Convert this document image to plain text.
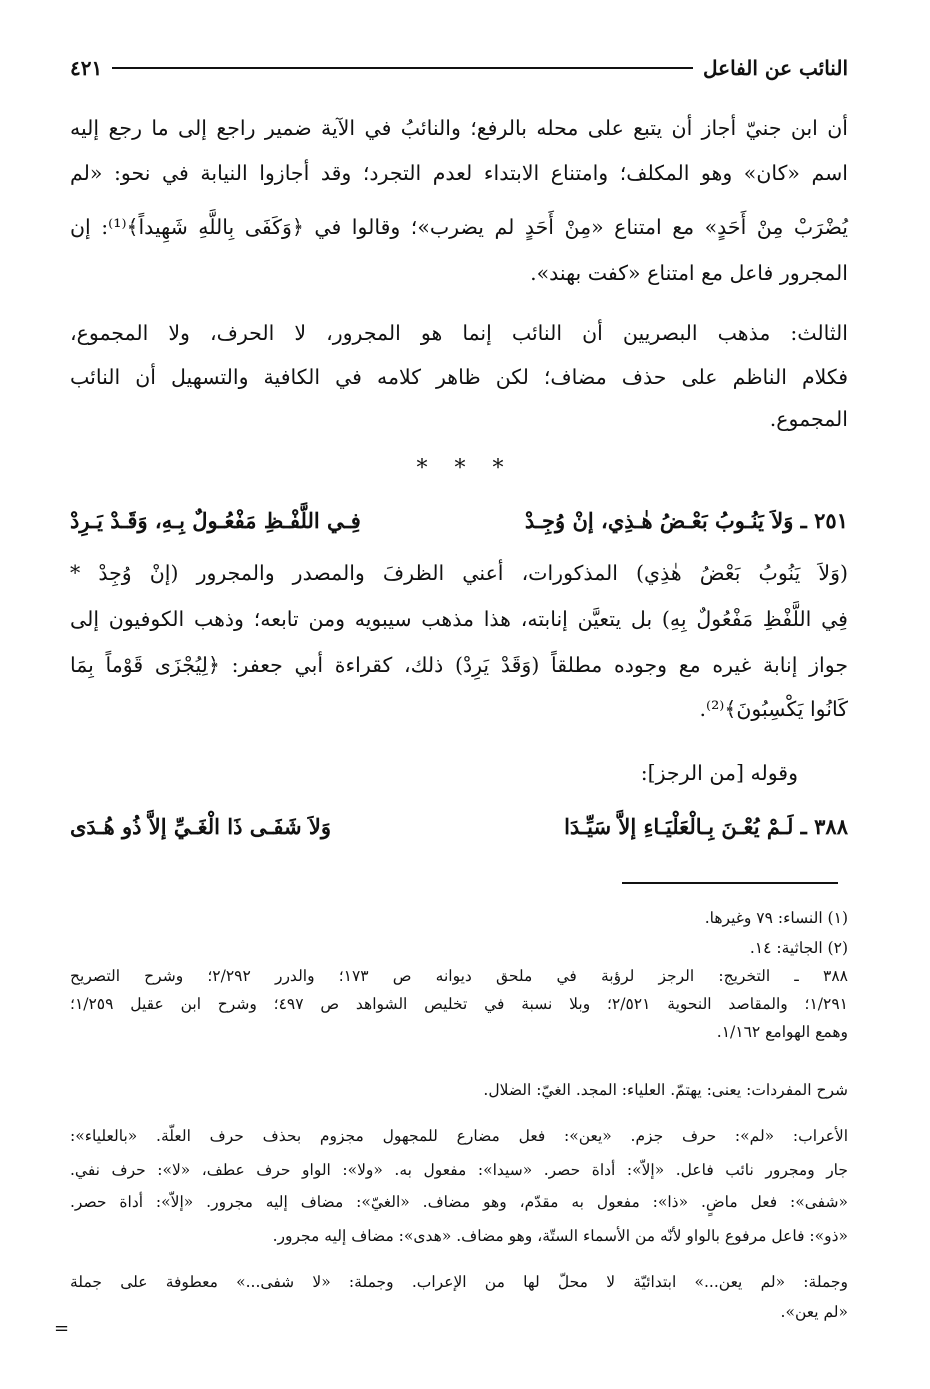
النائب عن الفاعل
٤٢١
أن ابن جنيّ أجاز أن يتبع على محله بالرفع؛ والنائبُ في الآية ضمير راجع إلى ما رجع إليه
اسم «كان» وهو المكلف؛ وامتناع الابتداء لعدم التجرد؛ وقد أجازوا النيابة في نحو: «لم
يُضْرَبْ مِنْ أَحَدٍ» مع امتناع «مِنْ أَحَدٍ لم يضرب»؛ وقالوا في ﴿وَكَفَى بِاللَّهِ شَهِيداً﴾⁽¹⁾: إن
المجرور فاعل مع امتناع «كفت بهند».
الثالث: مذهب البصريين أن النائب إنما هو المجرور، لا الحرف، ولا المجموع،
فكلام الناظم على حذف مضاف؛ لكن ظاهر كلامه في الكافية والتسهيل أن النائب
المجموع.
* * *
٢٥١ ـ وَلاَ يَنُـوبُ بَعْـضُ هٰـذِي، إنْ وُجِـدْ
فِـي اللَّفْـظِ مَفْعُـولٌ بِـهِ، وَقَـدْ يَـرِدْ
(وَلاَ يَنُوبُ بَعْضُ هٰذِي) المذكورات، أعني الظرفَ والمصدر والمجرور (إنْ وُجِدْ *
فِي اللَّفْظِ مَفْعُولٌ بِهِ) بل يتعيَّن إنابته، هذا مذهب سيبويه ومن تابعه؛ وذهب الكوفيون إلى
جواز إنابة غيره مع وجوده مطلقاً (وَقَدْ يَرِدْ) ذلك، كقراءة أبي جعفر: ﴿لِيُجْزَى قَوْماً بِمَا
كَانُوا يَكْسِبُونَ﴾⁽²⁾.
وقوله [من الرجز]:
٣٨٨ ـ لَـمْ يُعْـنَ بِـالْعَلْيَـاءِ إلاَّ سَيِّـدَا
وَلاَ شَفَـى ذَا الْغَـيِّ إلاَّ ذُو هُـدَى
(١) النساء: ٧٩ وغيرها.
(٢) الجاثية: ١٤.
٣٨٨ ـ التخريج: الرجز لرؤبة في ملحق ديوانه ص ١٧٣؛ والدرر ٢/٢٩٢؛ وشرح التصريح
١/٢٩١؛ والمقاصد النحوية ٢/٥٢١؛ وبلا نسبة في تخليص الشواهد ص ٤٩٧؛ وشرح ابن عقيل ١/٢٥٩؛
وهمع الهوامع ١/١٦٢.
شرح المفردات: يعنى: يهتمّ. العلياء: المجد. الغيّ: الضلال.
الأعراب: «لم»: حرف جزم. «يعن»: فعل مضارع للمجهول مجزوم بحذف حرف العلّة. «بالعلياء»:
جار ومجرور نائب فاعل. «إلاّ»: أداة حصر. «سيدا»: مفعول به. «ولا»: الواو حرف عطف، «لا»: حرف نفي.
«شفى»: فعل ماضٍ. «ذا»: مفعول به مقدّم، وهو مضاف. «الغيّ»: مضاف إليه مجرور. «إلاّ»: أداة حصر.
«ذو»: فاعل مرفوع بالواو لأنّه من الأسماء الستّة، وهو مضاف. «هدى»: مضاف إليه مجرور.
وجملة: «لم يعن...» ابتدائيّة لا محلّ لها من الإعراب. وجملة: «لا شفى...» معطوفة على جملة
«لم يعن».
=
